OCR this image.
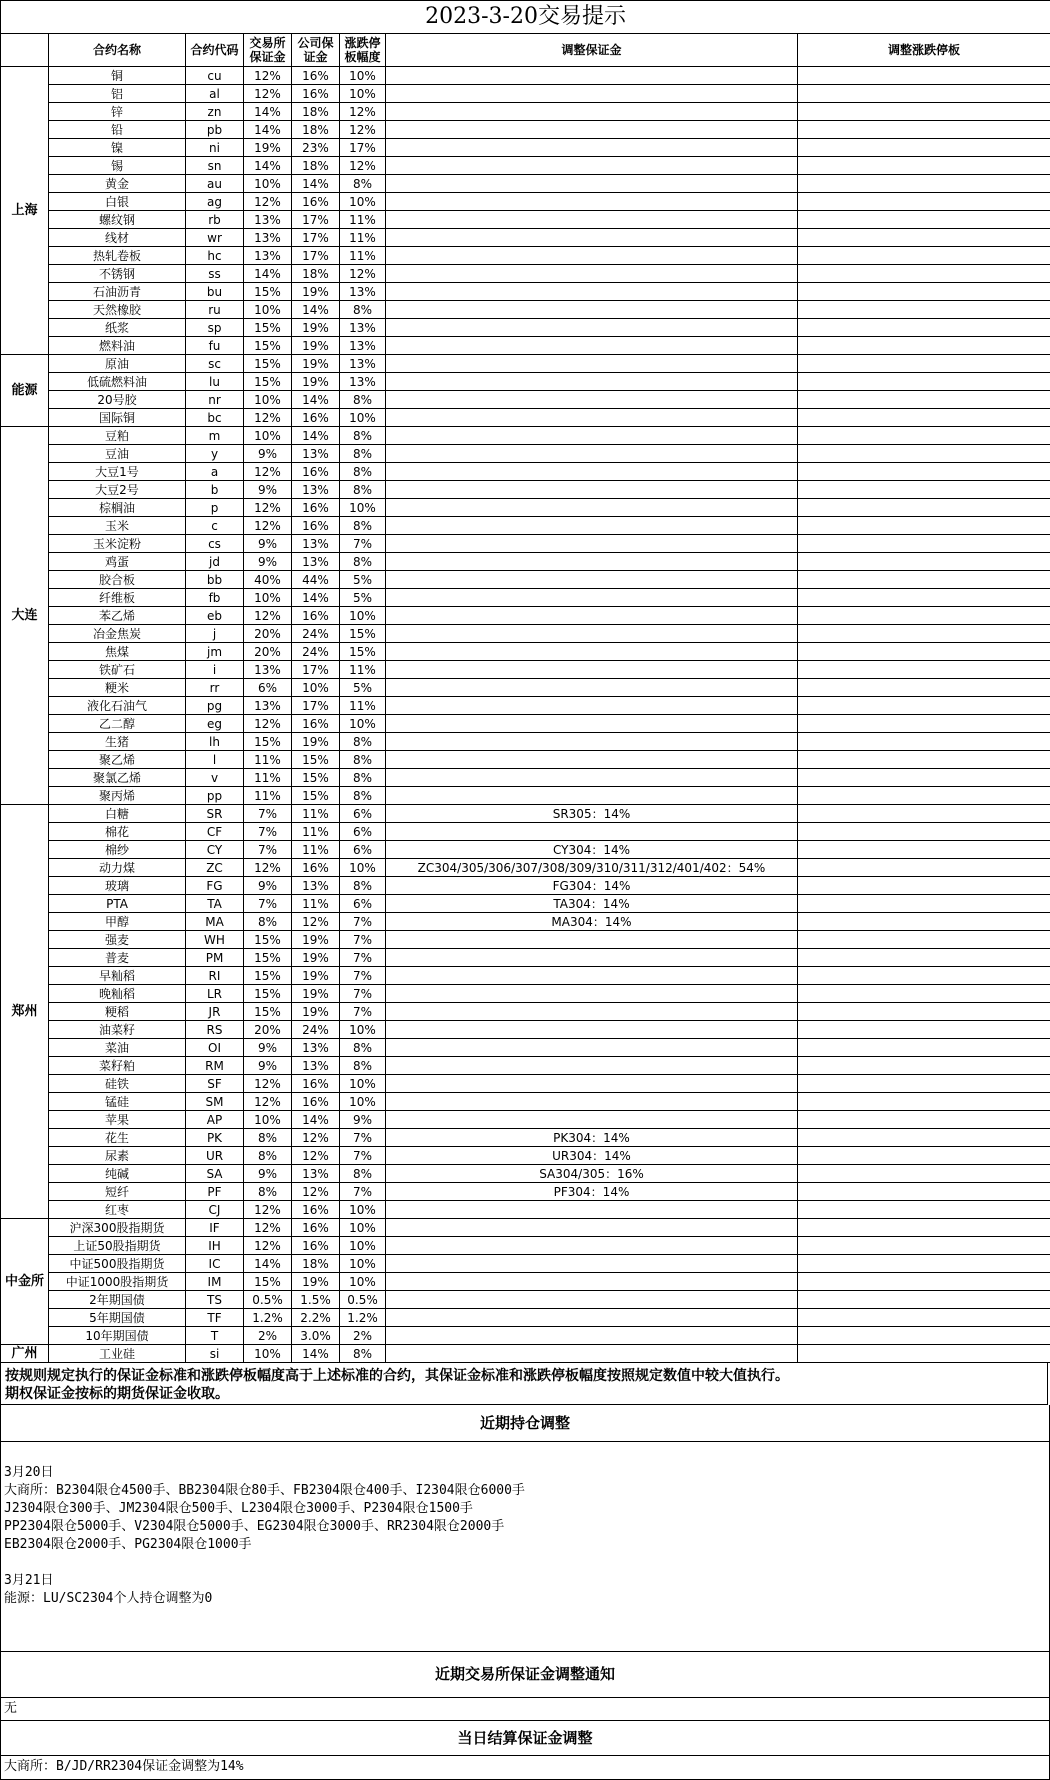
2023-3-20交易提示							
	合约名称	合约代码	交易所保证金	公司保证金	涨跌停板幅度	调整保证金	调整涨跌停板
上海	铜	cu	12%	16%	10%		
	铝	al	12%	16%	10%		
	锌	zn	14%	18%	12%		
	铅	pb	14%	18%	12%		
	镍	ni	19%	23%	17%		
	锡	sn	14%	18%	12%		
	黄金	au	10%	14%	8%		
	白银	ag	12%	16%	10%		
	螺纹钢	rb	13%	17%	11%		
	线材	wr	13%	17%	11%		
	热轧卷板	hc	13%	17%	11%		
	不锈钢	ss	14%	18%	12%		
	石油沥青	bu	15%	19%	13%		
	天然橡胶	ru	10%	14%	8%		
	纸浆	sp	15%	19%	13%		
	燃料油	fu	15%	19%	13%		
能源	原油	sc	15%	19%	13%		
	低硫燃料油	lu	15%	19%	13%		
	20号胶	nr	10%	14%	8%		
	国际铜	bc	12%	16%	10%		
大连	豆粕	m	10%	14%	8%		
	豆油	y	9%	13%	8%		
	大豆1号	a	12%	16%	8%		
	大豆2号	b	9%	13%	8%		
	棕榈油	p	12%	16%	10%		
	玉米	c	12%	16%	8%		
	玉米淀粉	cs	9%	13%	7%		
	鸡蛋	jd	9%	13%	8%		
	胶合板	bb	40%	44%	5%		
	纤维板	fb	10%	14%	5%		
	苯乙烯	eb	12%	16%	10%		
	冶金焦炭	j	20%	24%	15%		
	焦煤	jm	20%	24%	15%		
	铁矿石	i	13%	17%	11%		
	粳米	rr	6%	10%	5%		
	液化石油气	pg	13%	17%	11%		
	乙二醇	eg	12%	16%	10%		
	生猪	lh	15%	19%	8%		
	聚乙烯	l	11%	15%	8%		
	聚氯乙烯	v	11%	15%	8%		
	聚丙烯	pp	11%	15%	8%		
郑州	白糖	SR	7%	11%	6%	SR305：14%	
	棉花	CF	7%	11%	6%		
	棉纱	CY	7%	11%	6%	CY304：14%	
	动力煤	ZC	12%	16%	10%	ZC304/305/306/307/308/309/310/311/312/401/402：54%	
	玻璃	FG	9%	13%	8%	FG304：14%	
	PTA	TA	7%	11%	6%	TA304：14%	
	甲醇	MA	8%	12%	7%	MA304：14%	
	强麦	WH	15%	19%	7%		
	普麦	PM	15%	19%	7%		
	早籼稻	RI	15%	19%	7%		
	晚籼稻	LR	15%	19%	7%		
	粳稻	JR	15%	19%	7%		
	油菜籽	RS	20%	24%	10%		
	菜油	OI	9%	13%	8%		
	菜籽粕	RM	9%	13%	8%		
	硅铁	SF	12%	16%	10%		
	锰硅	SM	12%	16%	10%		
	苹果	AP	10%	14%	9%		
	花生	PK	8%	12%	7%	PK304：14%	
	尿素	UR	8%	12%	7%	UR304：14%	
	纯碱	SA	9%	13%	8%	SA304/305：16%	
	短纤	PF	8%	12%	7%	PF304：14%	
	红枣	CJ	12%	16%	10%		
中金所	沪深300股指期货	IF	12%	16%	10%		
	上证50股指期货	IH	12%	16%	10%		
	中证500股指期货	IC	14%	18%	10%		
	中证1000股指期货	IM	15%	19%	10%		
	2年期国债	TS	0.5%	1.5%	0.5%		
	5年期国债	TF	1.2%	2.2%	1.2%		
	10年期国债	T	2%	3.0%	2%		
广州	工业硅	si	10%	14%	8%		
按规则规定执行的保证金标准和涨跌停板幅度高于上述标准的合约，其保证金标准和涨跌停板幅度按照规定数值中较大值执行。
期权保证金按标的期货保证金收取。
近期持仓调整
3月20日
大商所：B2304限仓4500手、BB2304限仓80手、FB2304限仓400手、I2304限仓6000手
J2304限仓300手、JM2304限仓500手、L2304限仓3000手、P2304限仓1500手
PP2304限仓5000手、V2304限仓5000手、EG2304限仓3000手、RR2304限仓2000手
EB2304限仓2000手、PG2304限仓1000手
3月21日
能源：LU/SC2304个人持仓调整为0
近期交易所保证金调整通知
无
当日结算保证金调整
大商所：B/JD/RR2304保证金调整为14%
